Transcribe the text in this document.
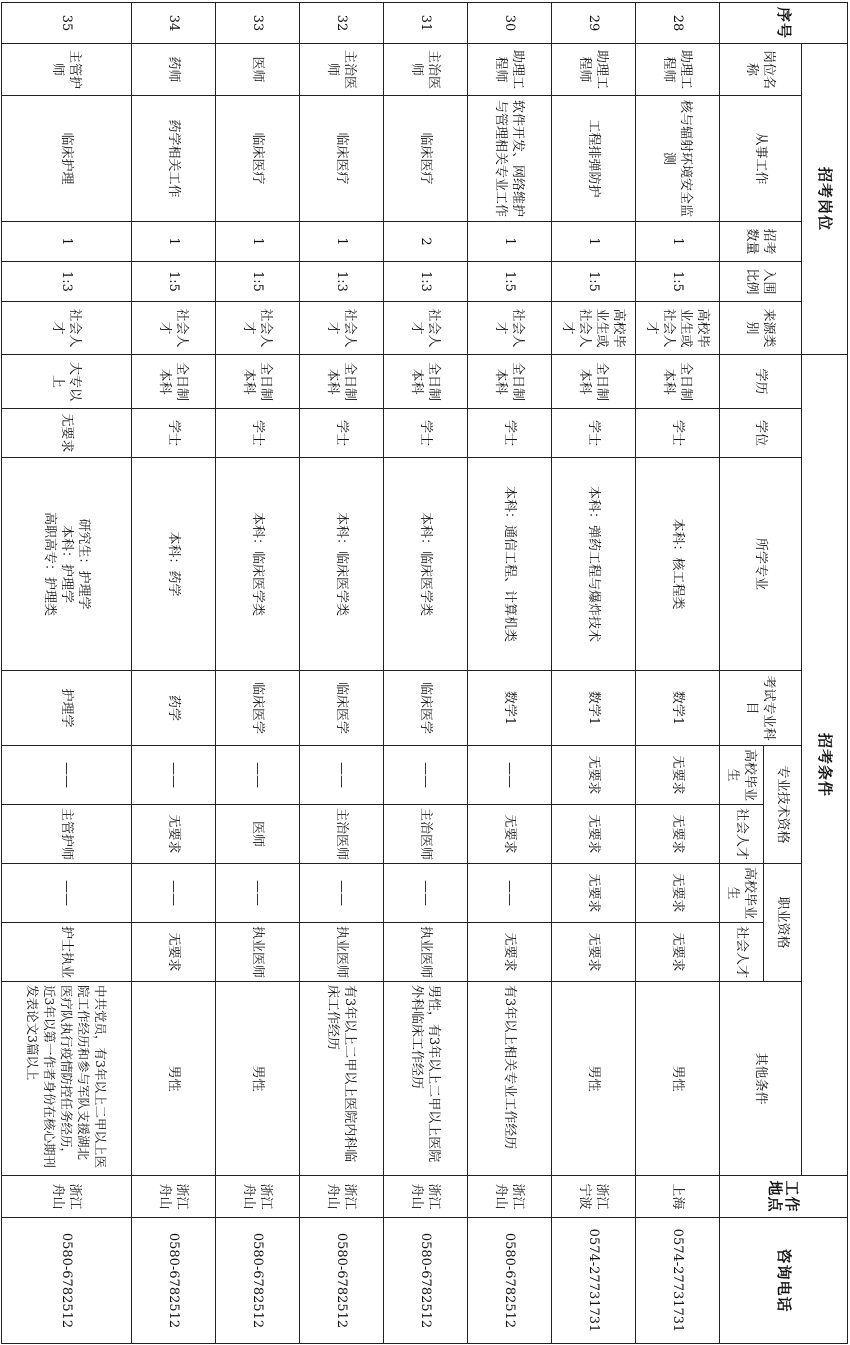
序号	招考岗位					招考条件									工作地点	咨询电话
	岗位名称	从事工作	招考数量	入围比例	来源类别	学历	学位	所学专业	考试专业科目	专业技术资格		职业资格		其他条件		
										高校毕业生	社会人才	高校毕业生	社会人才			
28	助理工程师	核与辐射环境安全监测	1	1:5	高校毕业生或社会人才	全日制本科	学士	本科：核工程类	数学1	无要求	无要求	无要求	无要求	男性	上海	0574-27731731
29	助理工程师	工程排弹防护	1	1:5	高校毕业生或社会人才	全日制本科	学士	本科：弹药工程与爆炸技术	数学1	无要求	无要求	无要求	无要求	男性	浙江宁波	0574-27731731
30	助理工程师	软件开发、网络维护与管理相关专业工作	1	1:5	社会人才	全日制本科	学士	本科：通信工程、计算机类	数学1	——	无要求	——	无要求	有3年以上相关专业工作经历	浙江舟山	0580-6782512
31	主治医师	临床医疗	2	1:3	社会人才	全日制本科	学士	本科：临床医学类	临床医学	——	主治医师	——	执业医师	男性，有3年以上二甲以上医院外科临床工作经历	浙江舟山	0580-6782512
32	主治医师	临床医疗	1	1:3	社会人才	全日制本科	学士	本科：临床医学类	临床医学	——	主治医师	——	执业医师	有3年以上二甲以上医院内科临床工作经历	浙江舟山	0580-6782512
33	医师	临床医疗	1	1:5	社会人才	全日制本科	学士	本科：临床医学类	临床医学	——	医师	——	执业医师	男性	浙江舟山	0580-6782512
34	药师	药学相关工作	1	1:5	社会人才	全日制本科	学士	本科：药学	药学	——	无要求	——	无要求	男性	浙江舟山	0580-6782512
35	主管护师	临床护理	1	1:3	社会人才	大专以上	无要求	研究生：护理学
本科：护理学
高职高专：护理类	护理学	——	主管护师	——	护士执业	中共党员，有3年以上二甲以上医院工作经历和参与军队支援湖北医疗队执行疫情防控任务经历，近3年以第一作者身份在核心期刊发表论文3篇以上	浙江舟山	0580-6782512
